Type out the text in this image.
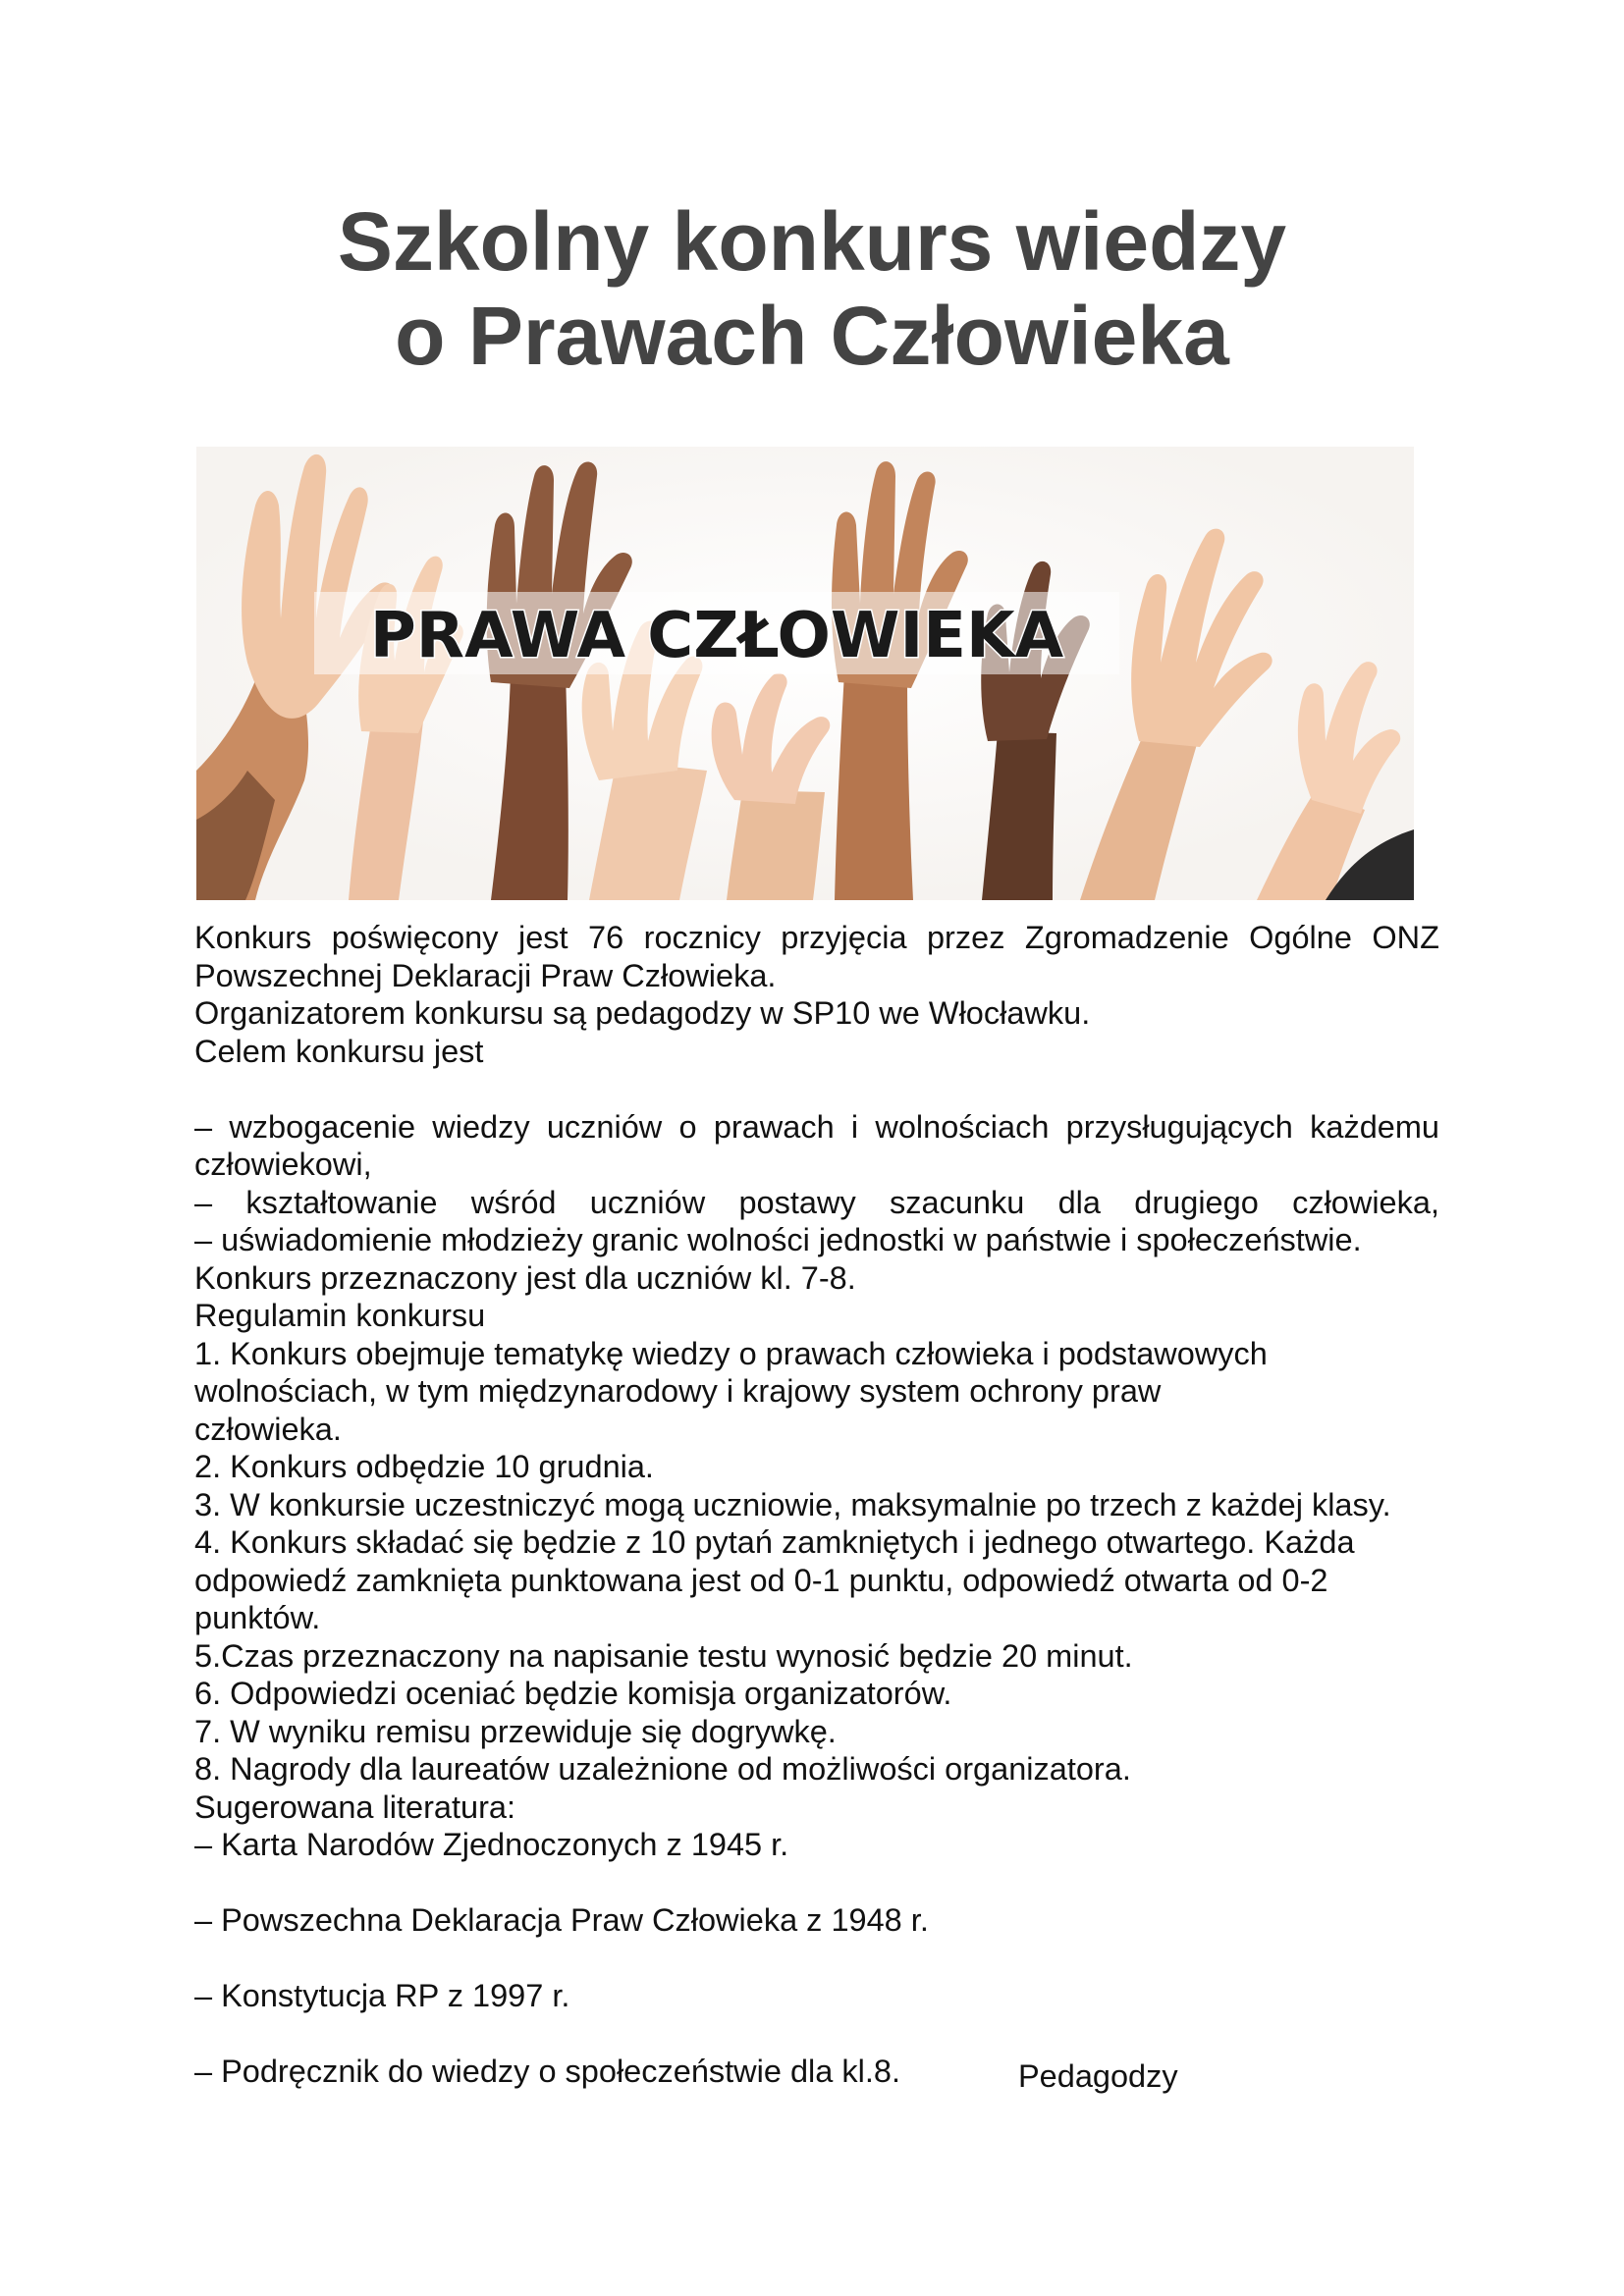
Szkolny konkurs wiedzy
o Prawach Człowieka
PRAWA CZŁOWIEKA

Konkurs poświęcony jest 76 rocznicy przyjęcia przez Zgromadzenie Ogólne ONZ Powszechnej Deklaracji Praw Człowieka.

Organizatorem konkursu są pedagodzy w SP10 we Włocławku.

Celem konkursu jest

– wzbogacenie wiedzy uczniów o prawach i wolnościach przysługujących każdemu człowiekowi,

– kształtowanie wśród uczniów postawy szacunku dla drugiego człowieka,

– uświadomienie młodzieży granic wolności jednostki w państwie i społeczeństwie.

Konkurs przeznaczony jest dla uczniów kl. 7-8.

Regulamin konkursu

1. Konkurs obejmuje tematykę wiedzy o prawach człowieka i podstawowych wolnościach, w tym międzynarodowy i krajowy system ochrony praw człowieka.

2. Konkurs odbędzie 10 grudnia.

3. W konkursie uczestniczyć mogą uczniowie, maksymalnie po trzech z każdej klasy.

4. Konkurs składać się będzie z 10 pytań zamkniętych i jednego otwartego. Każda odpowiedź zamknięta punktowana jest od 0-1 punktu, odpowiedź otwarta od 0-2 punktów.

5.Czas przeznaczony na napisanie testu wynosić będzie 20 minut.

6. Odpowiedzi oceniać będzie komisja organizatorów.

7. W wyniku remisu przewiduje się dogrywkę.

8. Nagrody dla laureatów uzależnione od możliwości organizatora.

Sugerowana literatura:

– Karta Narodów Zjednoczonych z 1945 r.
– Powszechna Deklaracja Praw Człowieka z 1948 r.
– Konstytucja RP z 1997 r.
– Podręcznik do wiedzy o społeczeństwie dla kl.8.	Pedagodzy
